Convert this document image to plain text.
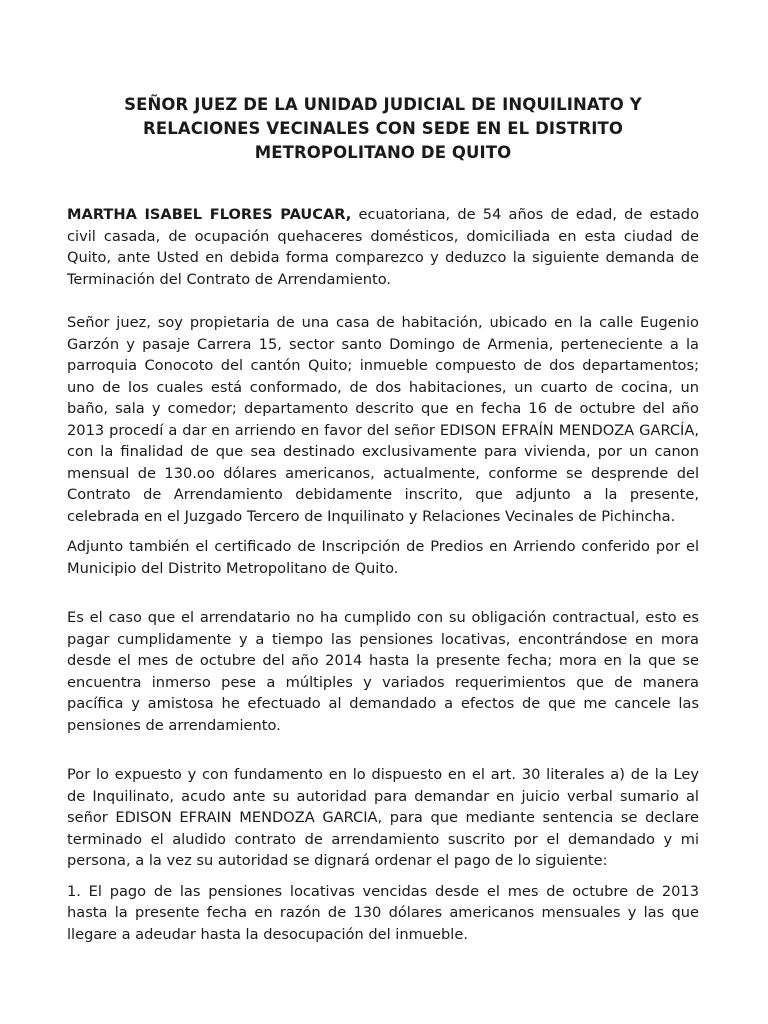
SEÑOR JUEZ DE LA UNIDAD JUDICIAL DE INQUILINATO Y RELACIONES VECINALES CON SEDE EN EL DISTRITO METROPOLITANO DE QUITO

MARTHA ISABEL FLORES PAUCAR, ecuatoriana, de 54 años de edad, de estado civil casada, de ocupación quehaceres domésticos, domiciliada en esta ciudad de Quito, ante Usted en debida forma comparezco y deduzco la siguiente demanda de Terminación del Contrato de Arrendamiento.

Señor juez, soy propietaria de una casa de habitación, ubicado en la calle Eugenio Garzón y pasaje Carrera 15, sector santo Domingo de Armenia, perteneciente a la parroquia Conocoto del cantón Quito; inmueble compuesto de dos departamentos; uno de los cuales está conformado, de dos habitaciones, un cuarto de cocina, un baño, sala y comedor; departamento descrito que en fecha 16 de octubre del año 2013 procedí a dar en arriendo en favor del señor EDISON EFRAÍN MENDOZA GARCÍA, con la finalidad de que sea destinado exclusivamente para vivienda, por un canon mensual de 130.oo dólares americanos, actualmente, conforme se desprende del Contrato de Arrendamiento debidamente inscrito, que adjunto a la presente, celebrada en el Juzgado Tercero de Inquilinato y Relaciones Vecinales de Pichincha.

Adjunto también el certificado de Inscripción de Predios en Arriendo conferido por el Municipio del Distrito Metropolitano de Quito.

Es el caso que el arrendatario no ha cumplido con su obligación contractual, esto es pagar cumplidamente y a tiempo las pensiones locativas, encontrándose en mora desde el mes de octubre del año 2014 hasta la presente fecha; mora en la que se encuentra inmerso pese a múltiples y variados requerimientos que de manera pacífica y amistosa he efectuado al demandado a efectos de que me cancele las pensiones de arrendamiento.

Por lo expuesto y con fundamento en lo dispuesto en el art. 30 literales a) de la Ley de Inquilinato, acudo ante su autoridad para demandar en juicio verbal sumario al señor EDISON EFRAIN MENDOZA GARCIA, para que mediante sentencia se declare terminado el aludido contrato de arrendamiento suscrito por el demandado y mi persona, a la vez su autoridad se dignará ordenar el pago de lo siguiente:

1. El pago de las pensiones locativas vencidas desde el mes de octubre de 2013 hasta la presente fecha en razón de 130 dólares americanos mensuales y las que llegare a adeudar hasta la desocupación del inmueble.
